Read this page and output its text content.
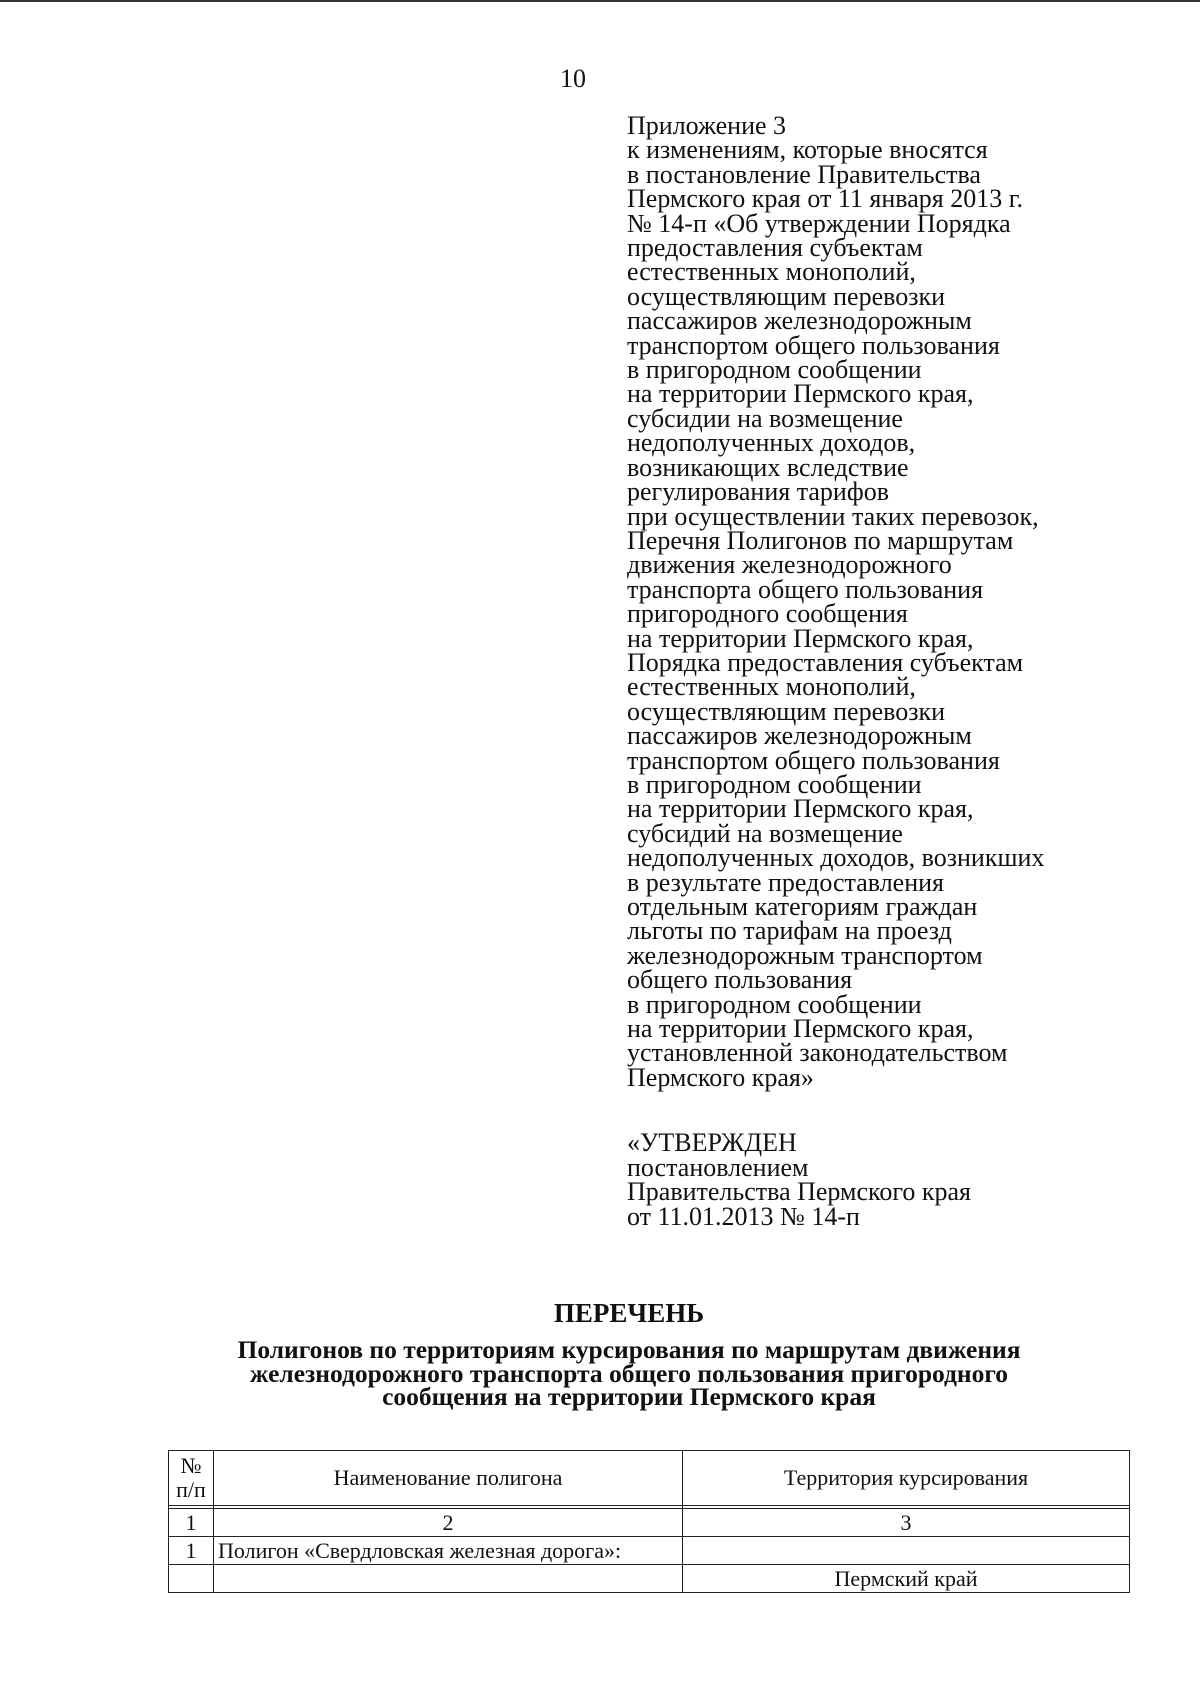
10
Приложение 3
к изменениям, которые вносятся
в постановление Правительства
Пермского края от 11 января 2013 г.
№ 14-п «Об утверждении Порядка
предоставления субъектам
естественных монополий,
осуществляющим перевозки
пассажиров железнодорожным
транспортом общего пользования
в пригородном сообщении
на территории Пермского края,
субсидии на возмещение
недополученных доходов,
возникающих вследствие
регулирования тарифов
при осуществлении таких перевозок,
Перечня Полигонов по маршрутам
движения железнодорожного
транспорта общего пользования
пригородного сообщения
на территории Пермского края,
Порядка предоставления субъектам
естественных монополий,
осуществляющим перевозки
пассажиров железнодорожным
транспортом общего пользования
в пригородном сообщении
на территории Пермского края,
субсидий на возмещение
недополученных доходов, возникших
в результате предоставления
отдельным категориям граждан
льготы по тарифам на проезд
железнодорожным транспортом
общего пользования
в пригородном сообщении
на территории Пермского края,
установленной законодательством
Пермского края»
«УТВЕРЖДЕН
постановлением
Правительства Пермского края
от 11.01.2013 № 14-п
ПЕРЕЧЕНЬ
Полигонов по территориям курсирования по маршрутам движения
железнодорожного транспорта общего пользования пригородного
сообщения на территории Пермского края
№
п/п	Наименование полигона	Территория курсирования

1	2	3
1	Полигон «Свердловская железная дорога»:	
		Пермский край
